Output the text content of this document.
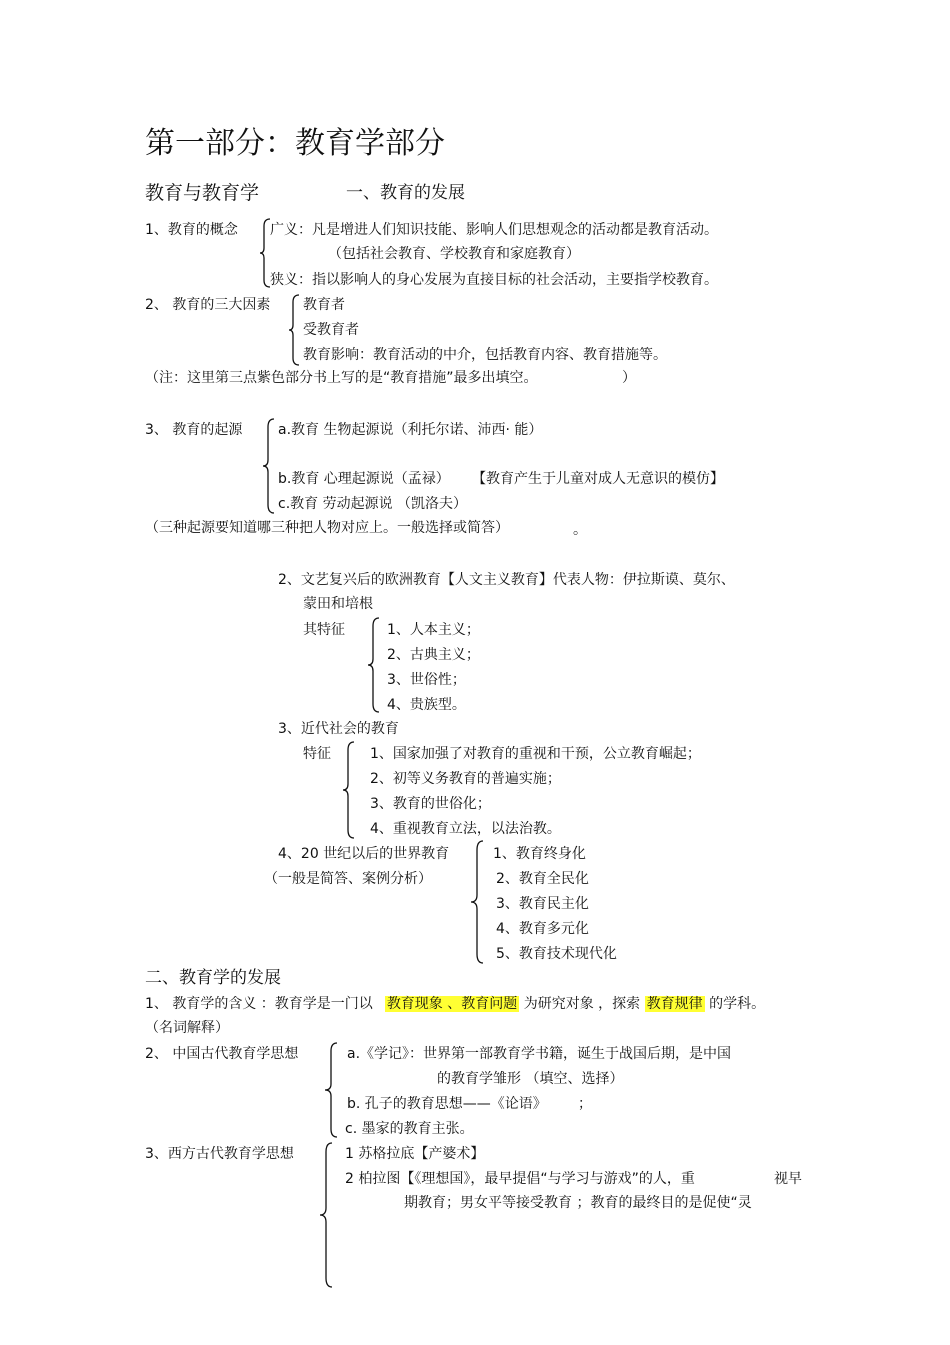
第一部分：教育学部分
教育与教育学	一、教育的发展
1、教育的概念 广义：凡是增进人们知识技能、影响人们思想观念的活动都是教育活动。
（包括社会教育、学校教育和家庭教育）
狭义：指以影响人的身心发展为直接目标的社会活动，主要指学校教育。
2、 教育的三大因素 教育者
受教育者
教育影响：教育活动的中介，包括教育内容、教育措施等。
（注：这里第三点紫色部分书上写的是“教育措施”最多出填空。	）
3、 教育的起源	a.教育 生物起源说（利托尔诺、沛西· 能）
b.教育 心理起源说（孟禄） 【教育产生于儿童对成人无意识的模仿】
c.教育 劳动起源说 （凯洛夫）
（三种起源要知道哪三种把人物对应上。一般选择或简答）	。
2、文艺复兴后的欧洲教育【人文主义教育】代表人物：伊拉斯谟、莫尔、
蒙田和培根
其特征	1、人本主义；
2、古典主义；
3、世俗性；
4、贵族型。
3、近代社会的教育
特征	1、国家加强了对教育的重视和干预，公立教育崛起；
2、初等义务教育的普遍实施；
3、教育的世俗化；
4、重视教育立法，以法治教。
4、20 世纪以后的世界教育
（一般是简答、案例分析）
1、教育终身化
2、教育全民化
3、教育民主化
4、教育多元化
5、教育技术现代化
二、教育学的发展
1、 教育学的含义 ：教育学是一门以 教育现象 、教育问题 为研究对象 ，探索 教育规律 的学科。
（名词解释）
2、 中国古代教育学思想	a.《学记》：世界第一部教育学书籍，诞生于战国后期，是中国
的教育学雏形 （填空、选择）
b. 孔子的教育思想——《论语》 ；
c. 墨家的教育主张。
3、西方古代教育学思想	1 苏格拉底【产婆术】
2 柏拉图【《理想国》，最早提倡“与学习与游戏”的人，重	视早
期教育；男女平等接受教育 ；教育的最终目的是促使“灵
